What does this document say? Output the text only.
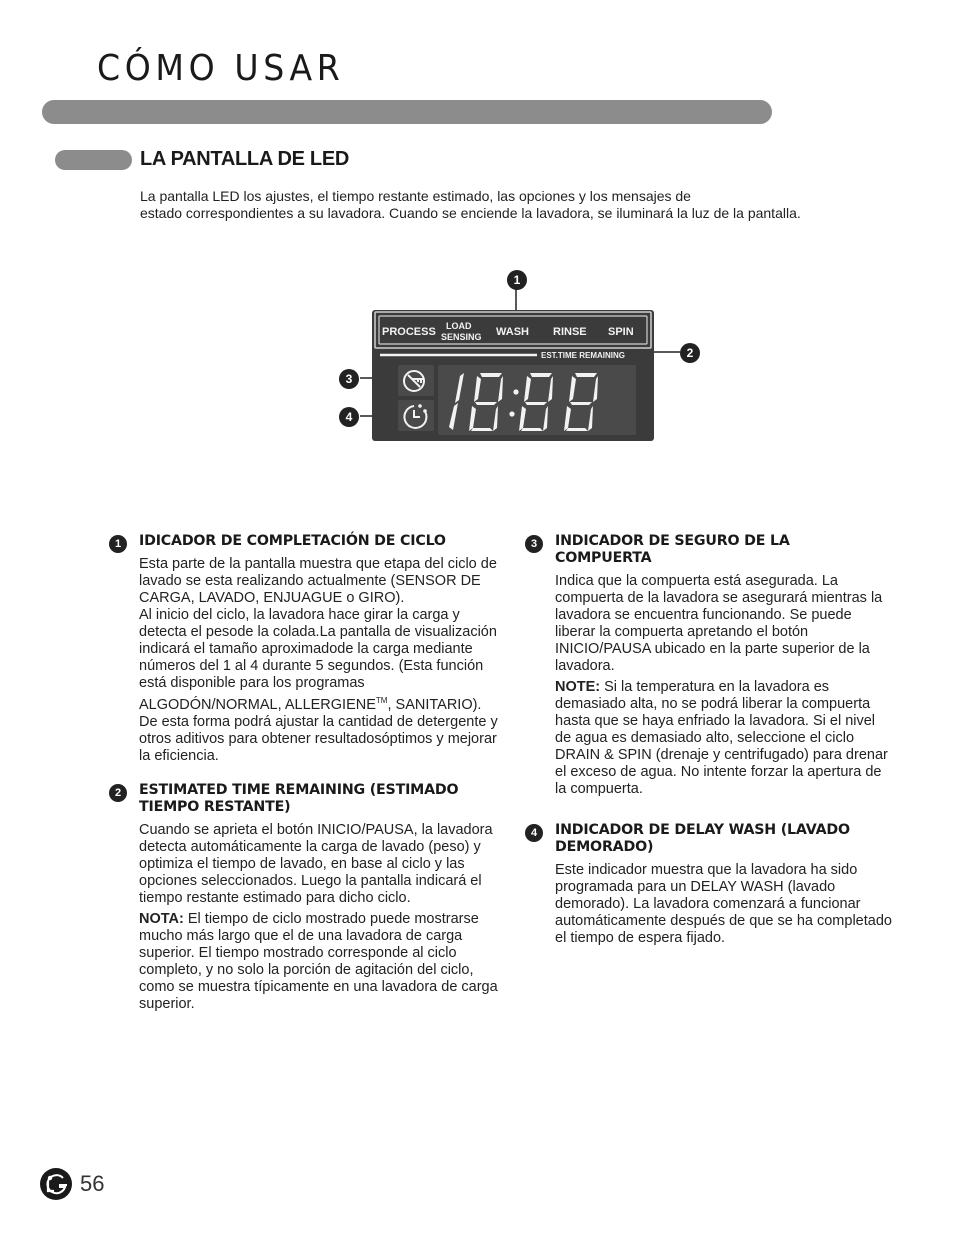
CÓMO USAR
LA PANTALLA DE LED

La pantalla LED los ajustes, el tiempo restante estimado, las opciones y los mensajes de

estado correspondientes a su lavadora. Cuando se enciende la lavadora, se iluminará la luz de la pantalla.

PROCESS LOAD
SENSING WASH RINSE SPIN
EST.TIME REMAINING
1
2
3
4
1	IDICADOR DE COMPLETACIÓN DE CICLO

Esta parte de la pantalla muestra que etapa del ciclo de lavado se esta realizando actualmente (SENSOR DE CARGA, LAVADO, ENJUAGUE o GIRO).

Al inicio del ciclo, la lavadora hace girar la carga y detecta el pesode la colada.La pantalla de visualización indicará el tamaño aproximadode la carga mediante números del 1 al 4 durante 5 segundos. (Esta función está disponible para los programas ALGODÓN/NORMAL, ALLERGIENE™, SANITARIO). De esta forma podrá ajustar la cantidad de detergente y otros aditivos para obtener resultadosóptimos y mejorar la eficiencia.

2	ESTIMATED TIME REMAINING (ESTIMADO TIEMPO RESTANTE)

Cuando se aprieta el botón INICIO/PAUSA, la lavadora detecta automáticamente la carga de lavado (peso) y optimiza el tiempo de lavado, en base al ciclo y las opciones seleccionados. Luego la pantalla indicará el tiempo restante estimado para dicho ciclo.

NOTA: El tiempo de ciclo mostrado puede mostrarse mucho más largo que el de una lavadora de carga superior. El tiempo mostrado corresponde al ciclo completo, y no solo la porción de agitación del ciclo, como se muestra típicamente en una lavadora de carga superior.

3	INDICADOR DE SEGURO DE LA COMPUERTA

Indica que la compuerta está asegurada. La compuerta de la lavadora se asegurará mientras la lavadora se encuentra funcionando. Se puede liberar la compuerta apretando el botón INICIO/PAUSA ubicado en la parte superior de la lavadora.

NOTE: Si la temperatura en la lavadora es demasiado alta, no se podrá liberar la compuerta hasta que se haya enfriado la lavadora. Si el nivel de agua es demasiado alto, seleccione el ciclo DRAIN & SPIN (drenaje y centrifugado) para drenar el exceso de agua. No intente forzar la apertura de la compuerta.

4	INDICADOR DE DELAY WASH (LAVADO DEMORADO)

Este indicador muestra que la lavadora ha sido programada para un DELAY WASH (lavado demorado). La lavadora comenzará a funcionar automáticamente después de que se ha completado el tiempo de espera fijado.

56
